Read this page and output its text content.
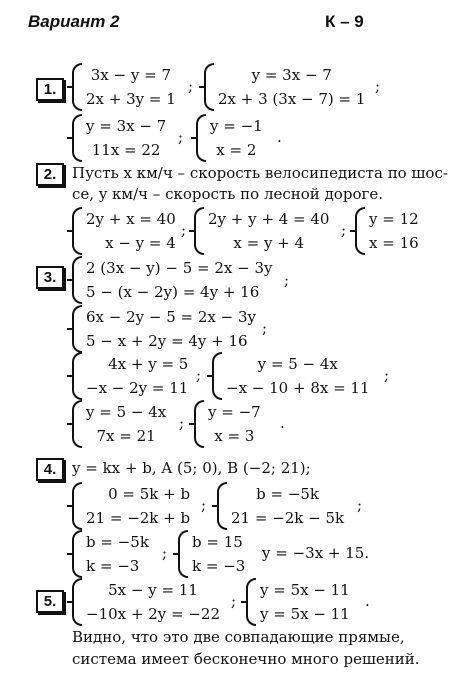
Вариант 2	К – 9
1.
3x − y = 7
2x + 3y = 1
;
y = 3x − 7
2x + 3 (3x − 7) = 1
;
y = 3x − 7
11x = 22
;
y = −1
x = 2
.
2.	Пусть x км/ч – скорость велосипедиста по шос-
се, y км/ч – скорость по лесной дороге.
2y + x = 40
x − y = 4
;
2y + y + 4 = 40
x = y + 4
;
y = 12
x = 16
3.
2 (3x − y) − 5 = 2x − 3y
5 − (x − 2y) = 4y + 16
;
6x − 2y − 5 = 2x − 3y
5 − x + 2y = 4y + 16
;
4x + y = 5
−x − 2y = 11
;
y = 5 − 4x
−x − 10 + 8x = 11
;
y = 5 − 4x
7x = 21
;
y = −7
x = 3
.
4.	y = kx + b, A (5; 0), B (−2; 21);
0 = 5k + b
21 = −2k + b
;
b = −5k
21 = −2k − 5k
;
b = −5k
k = −3
;
b = 15
k = −3
y = −3x + 15.
5.
5x − y = 11
−10x + 2y = −22
;
y = 5x − 11
y = 5x − 11
.
Видно, что это две совпадающие прямые,
система имеет бесконечно много решений.
